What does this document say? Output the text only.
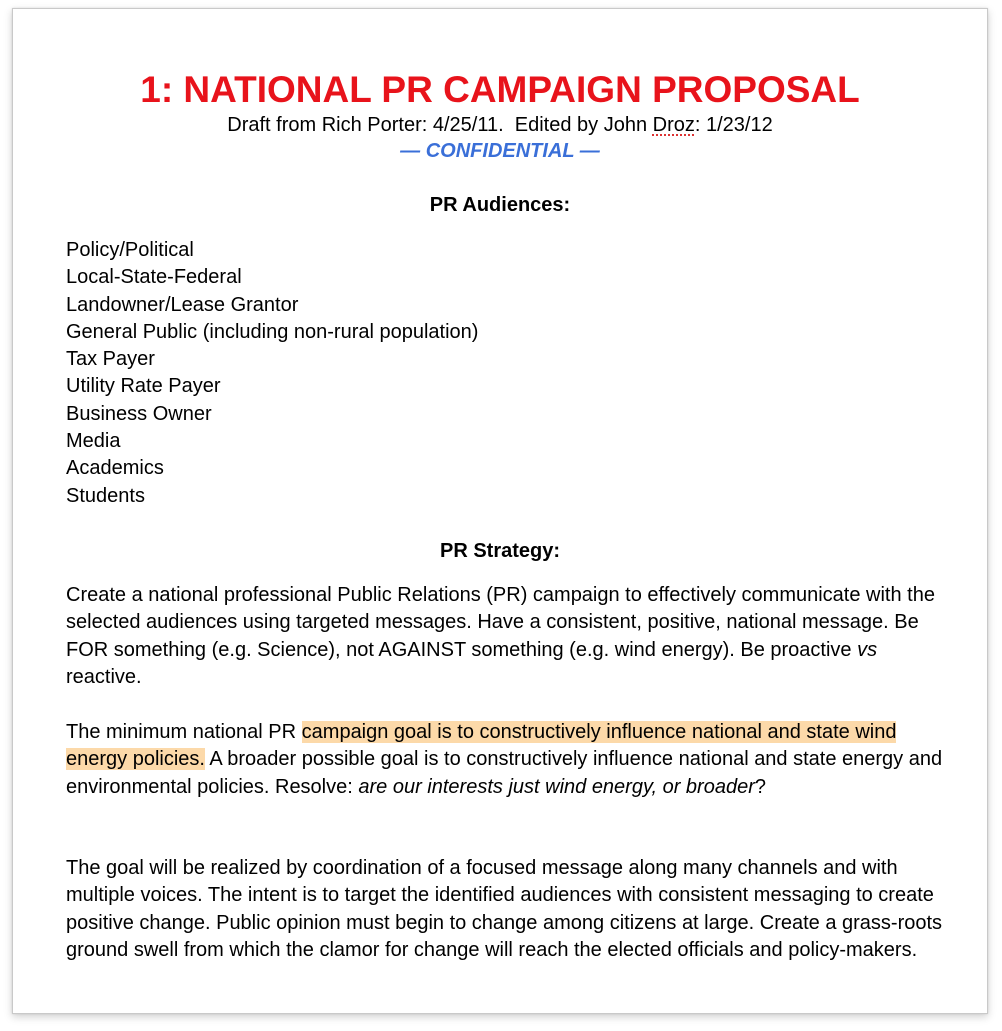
1: NATIONAL PR CAMPAIGN PROPOSAL
Draft from Rich Porter: 4/25/11.  Edited by John Droz: 1/23/12
— CONFIDENTIAL —
PR Audiences:
Policy/Political
Local-State-Federal
Landowner/Lease Grantor
General Public (including non-rural population)
Tax Payer
Utility Rate Payer
Business Owner
Media
Academics
Students
PR Strategy:

Create a national professional Public Relations (PR) campaign to effectively communicate with the selected audiences using targeted messages. Have a consistent, positive, national message. Be FOR something (e.g. Science), not AGAINST something (e.g. wind energy). Be proactive vs reactive.

The minimum national PR campaign goal is to constructively influence national and state wind energy policies. A broader possible goal is to constructively influence national and state energy and environmental policies. Resolve: are our interests just wind energy, or broader?

The goal will be realized by coordination of a focused message along many channels and with multiple voices. The intent is to target the identified audiences with consistent messaging to create positive change. Public opinion must begin to change among citizens at large. Create a grass-roots ground swell from which the clamor for change will reach the elected officials and policy-makers.
